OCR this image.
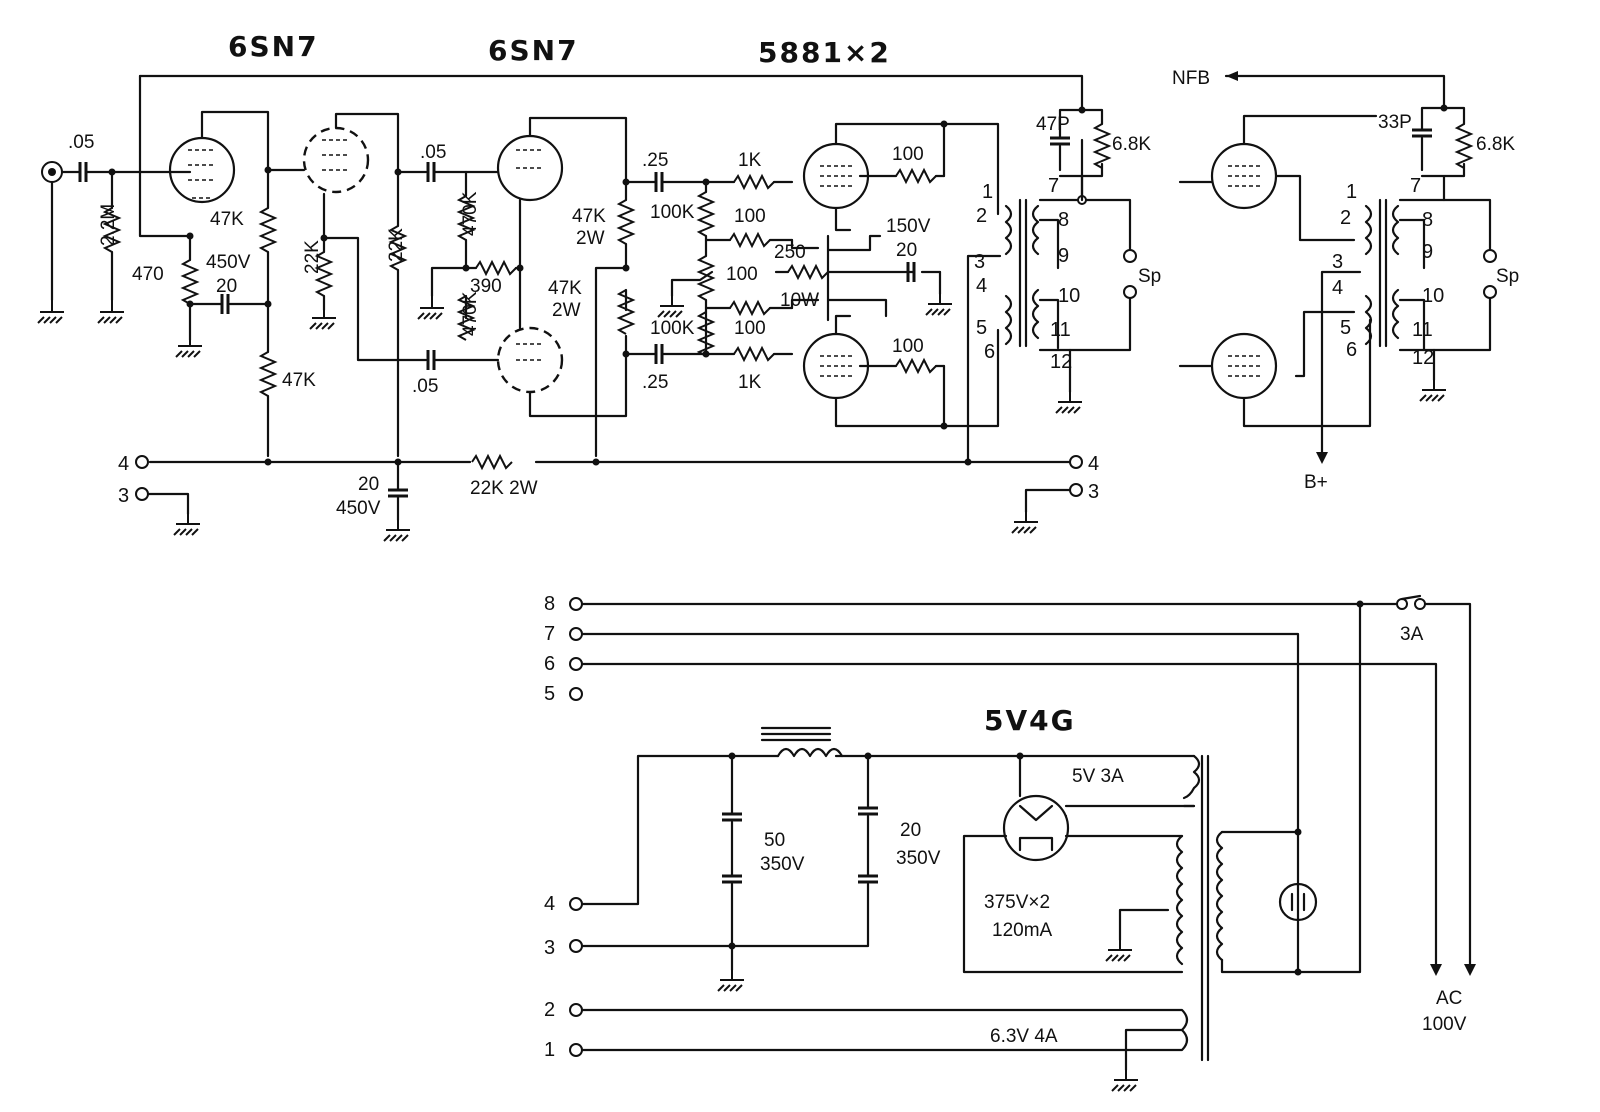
6SN7	6SN7	5881×2
.05
2.2M
470
450V
20
47K
47K
22K	22K
.05
.05
470K
470K
390
47K
2W
47K
2W
.25	1K
.25	1K
100K
100K
100
100
100
250
10W
20
150V
100
100
1
2
3
4
5
6
7
8
9
10
11
12
Sp
47P
6.8K
22K 2W
4	4
3	3
20
450V
NFB
33P
6.8K
B+
1
2
3
4
5
6
7
8
9
10
11
12
Sp
8
7
6
5
4
3
2
1
3A
AC
100V
50
350V
20
350V
5V4G
375V×2
120mA
5V 3A
6.3V 4A
